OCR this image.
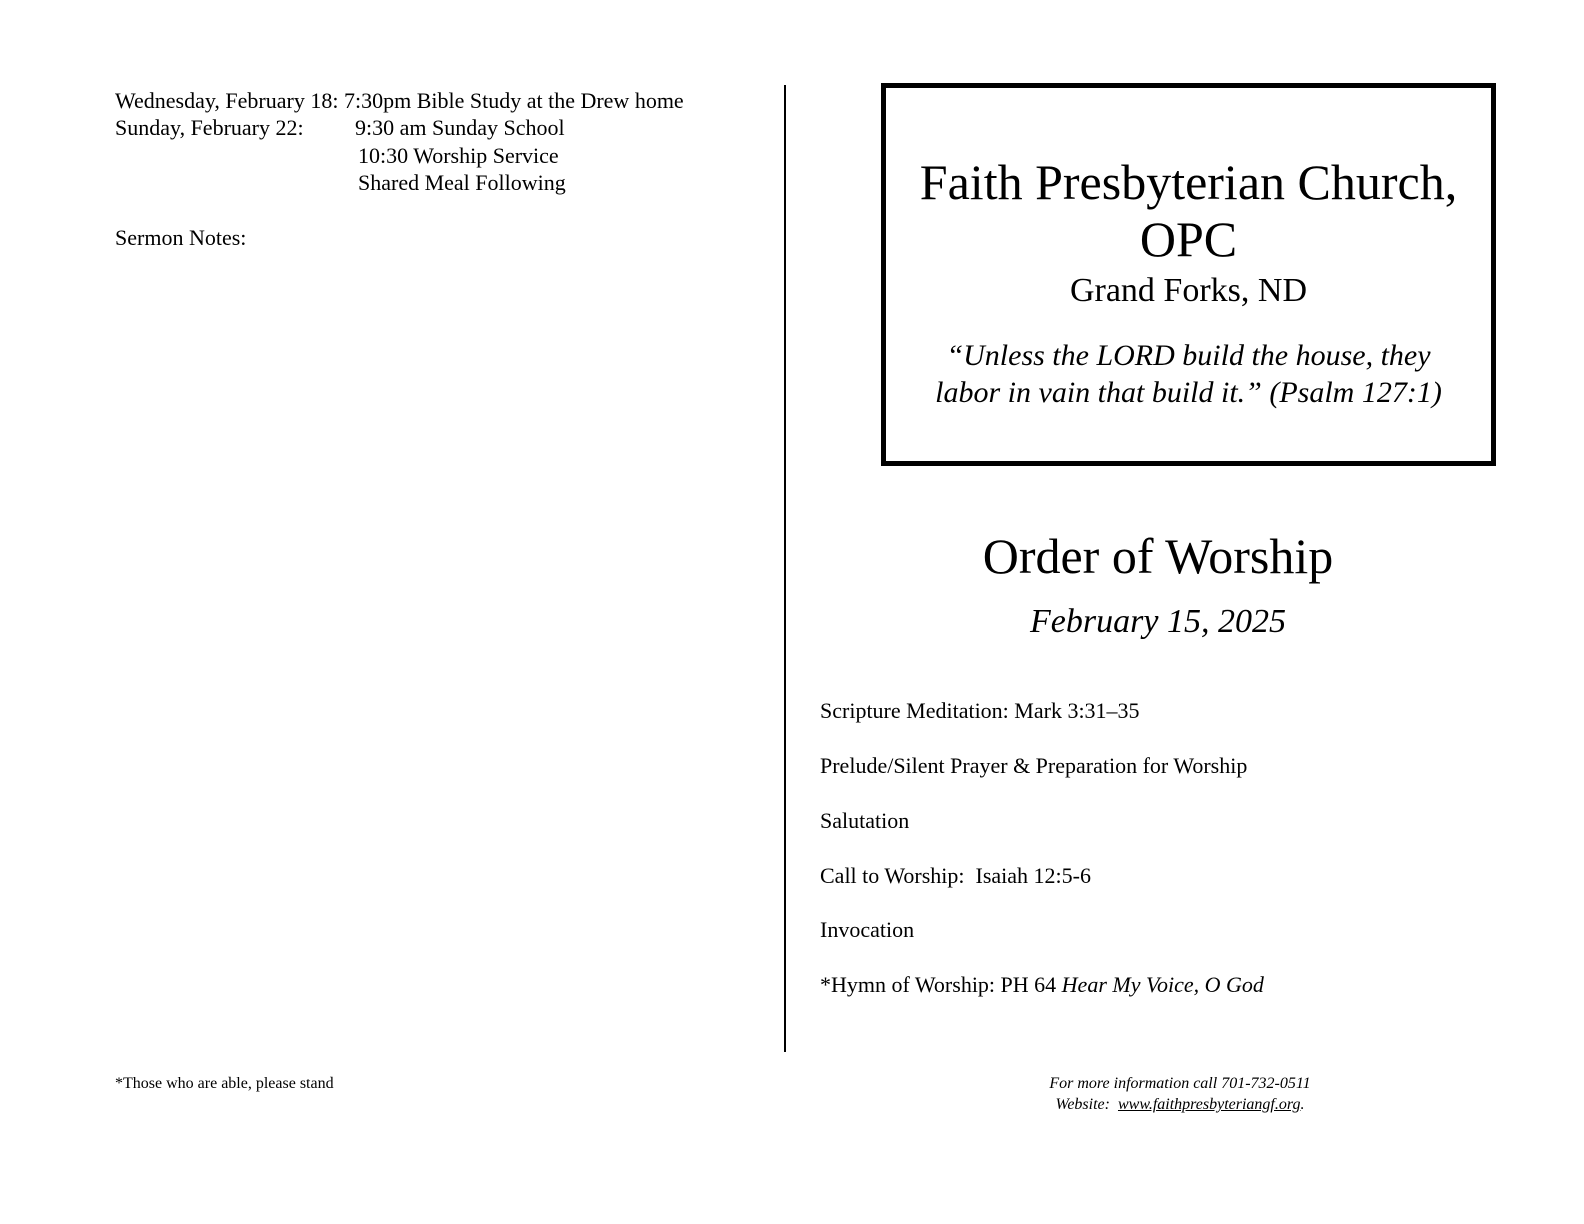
Wednesday, February 18: 7:30pm Bible Study at the Drew home
Sunday, February 22: 9:30 am Sunday School
10:30 Worship Service
Shared Meal Following
Sermon Notes:
*Those who are able, please stand
Faith Presbyterian Church,
OPC
Grand Forks, ND
“Unless the LORD build the house, they
labor in vain that build it.” (Psalm 127:1)
Order of Worship
February 15, 2025
Scripture Meditation: Mark 3:31–35
Prelude/Silent Prayer & Preparation for Worship
Salutation
Call to Worship:  Isaiah 12:5-6
Invocation
*Hymn of Worship: PH 64 Hear My Voice, O God
For more information call 701-732-0511
Website:  www.faithpresbyteriangf.org.
